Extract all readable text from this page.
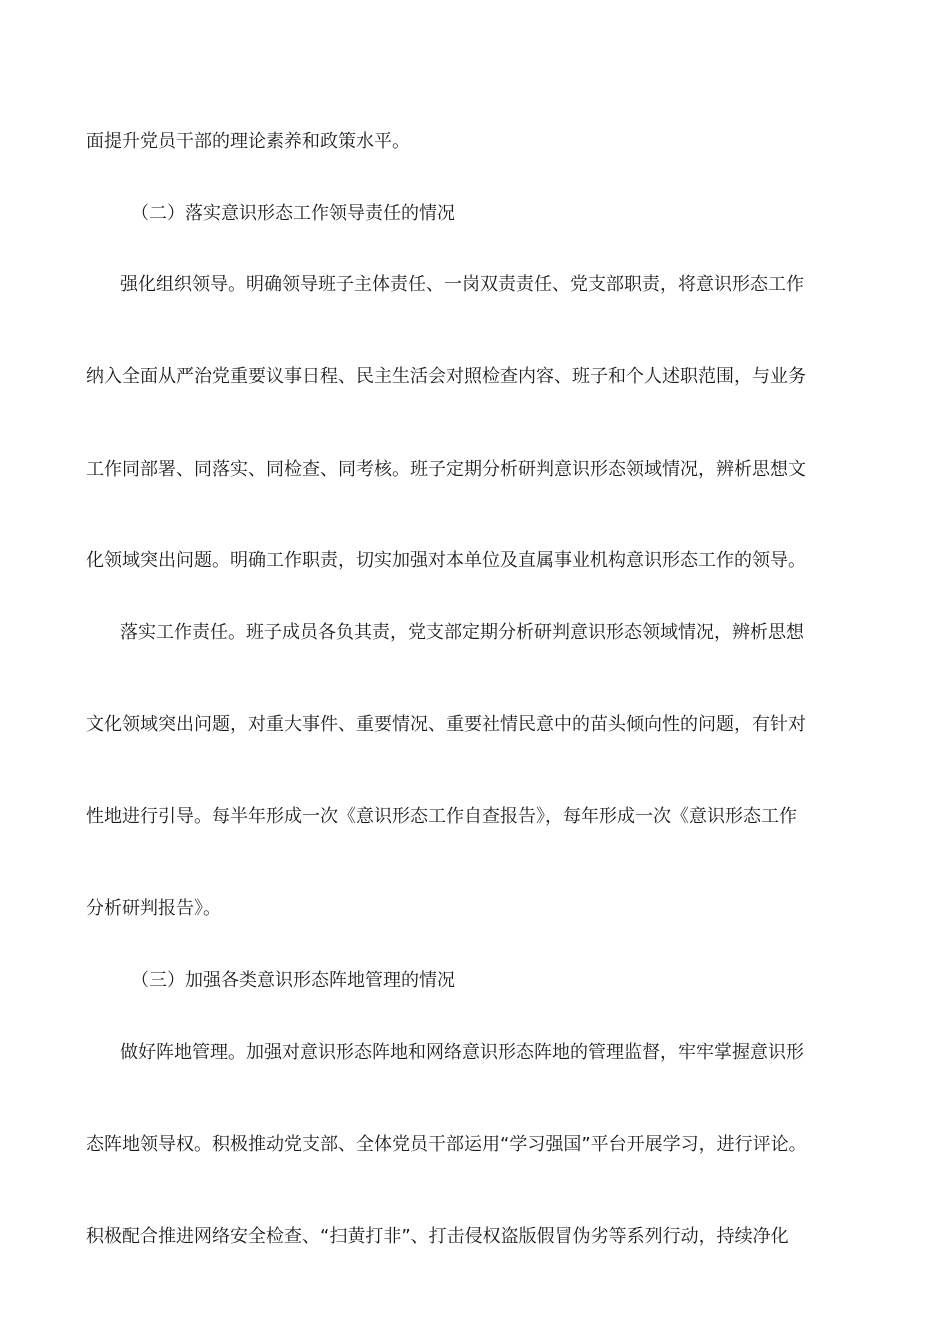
面提升党员干部的理论素养和政策水平。
（二）落实意识形态工作领导责任的情况
强化组织领导。明确领导班子主体责任、一岗双责责任、党支部职责，将意识形态工作
纳入全面从严治党重要议事日程、民主生活会对照检查内容、班子和个人述职范围，与业务
工作同部署、同落实、同检查、同考核。班子定期分析研判意识形态领域情况，辨析思想文
化领域突出问题。明确工作职责，切实加强对本单位及直属事业机构意识形态工作的领导。
落实工作责任。班子成员各负其责，党支部定期分析研判意识形态领域情况，辨析思想
文化领域突出问题，对重大事件、重要情况、重要社情民意中的苗头倾向性的问题，有针对
性地进行引导。每半年形成一次《意识形态工作自查报告》，每年形成一次《意识形态工作
分析研判报告》。
（三）加强各类意识形态阵地管理的情况
做好阵地管理。加强对意识形态阵地和网络意识形态阵地的管理监督，牢牢掌握意识形
态阵地领导权。积极推动党支部、全体党员干部运用“学习强国”平台开展学习，进行评论。
积极配合推进网络安全检查、“扫黄打非”、打击侵权盗版假冒伪劣等系列行动，持续净化
